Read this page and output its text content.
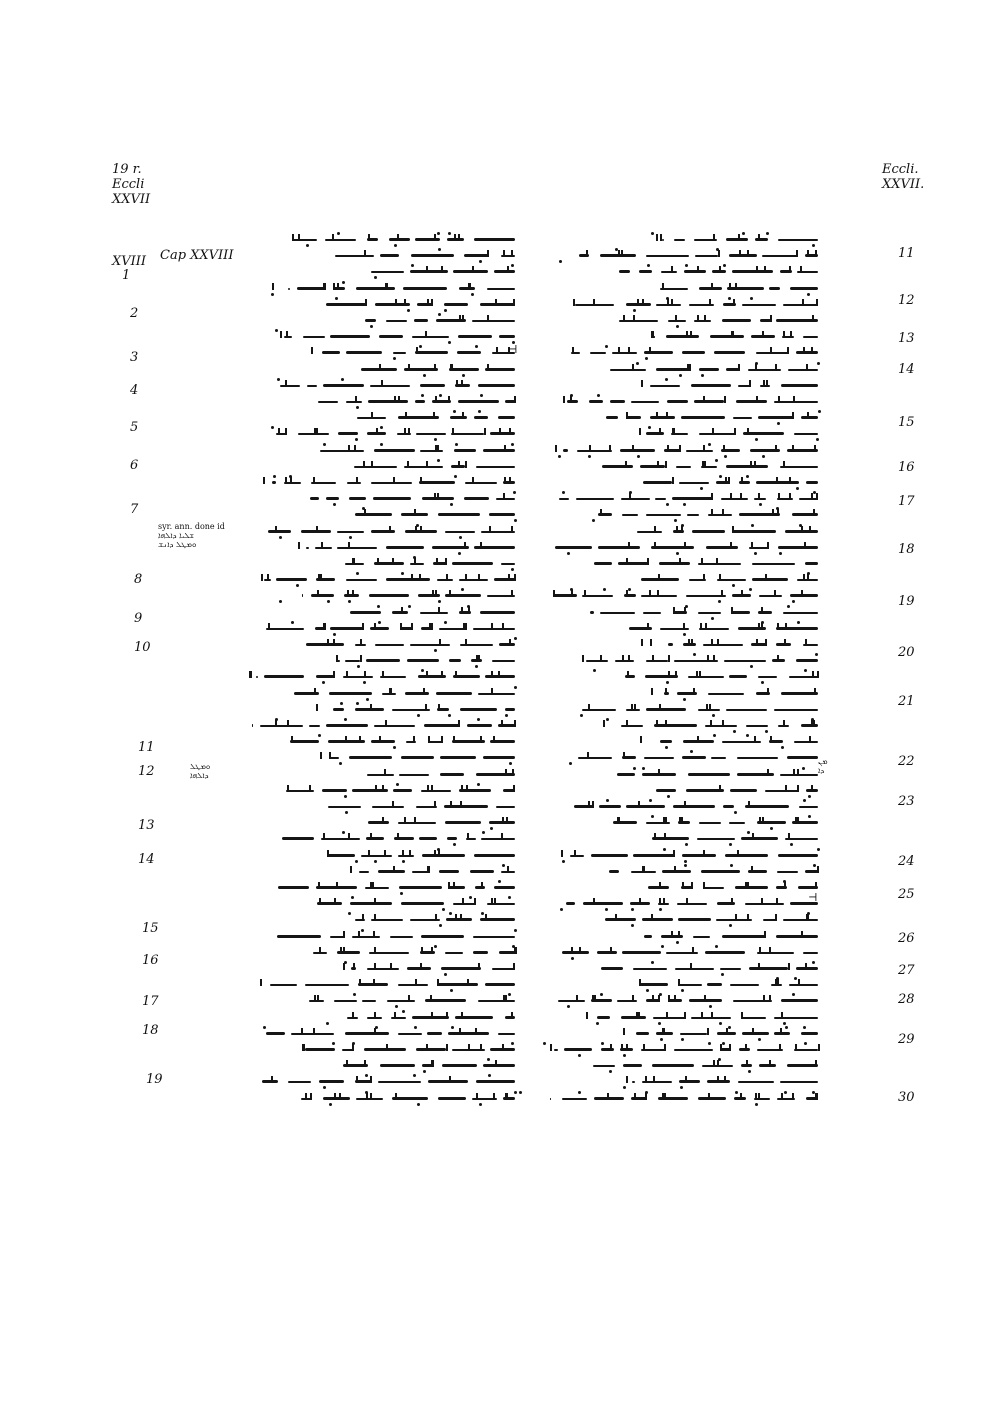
19 r.
Eccli
XXVII
Eccli.
XXVII.
Cap XXVIII
syr. ann. done id
ܫܠܝܐ ܕܐܠܗܐ
ܘܡܛܠ ܕܐܢܫ
ܘܡܛܠ
ܕܐܠܗܐ
ܡܢ
ܕܐ
XVIII
1
2
3
4
5
6
7
8
9
10
11
12
13
14
15
16
17
18
19
11
12
13
14
15
16
17
18
19
20
21
22
23
24
25
26
27
28
29
30
⊣
⊣
